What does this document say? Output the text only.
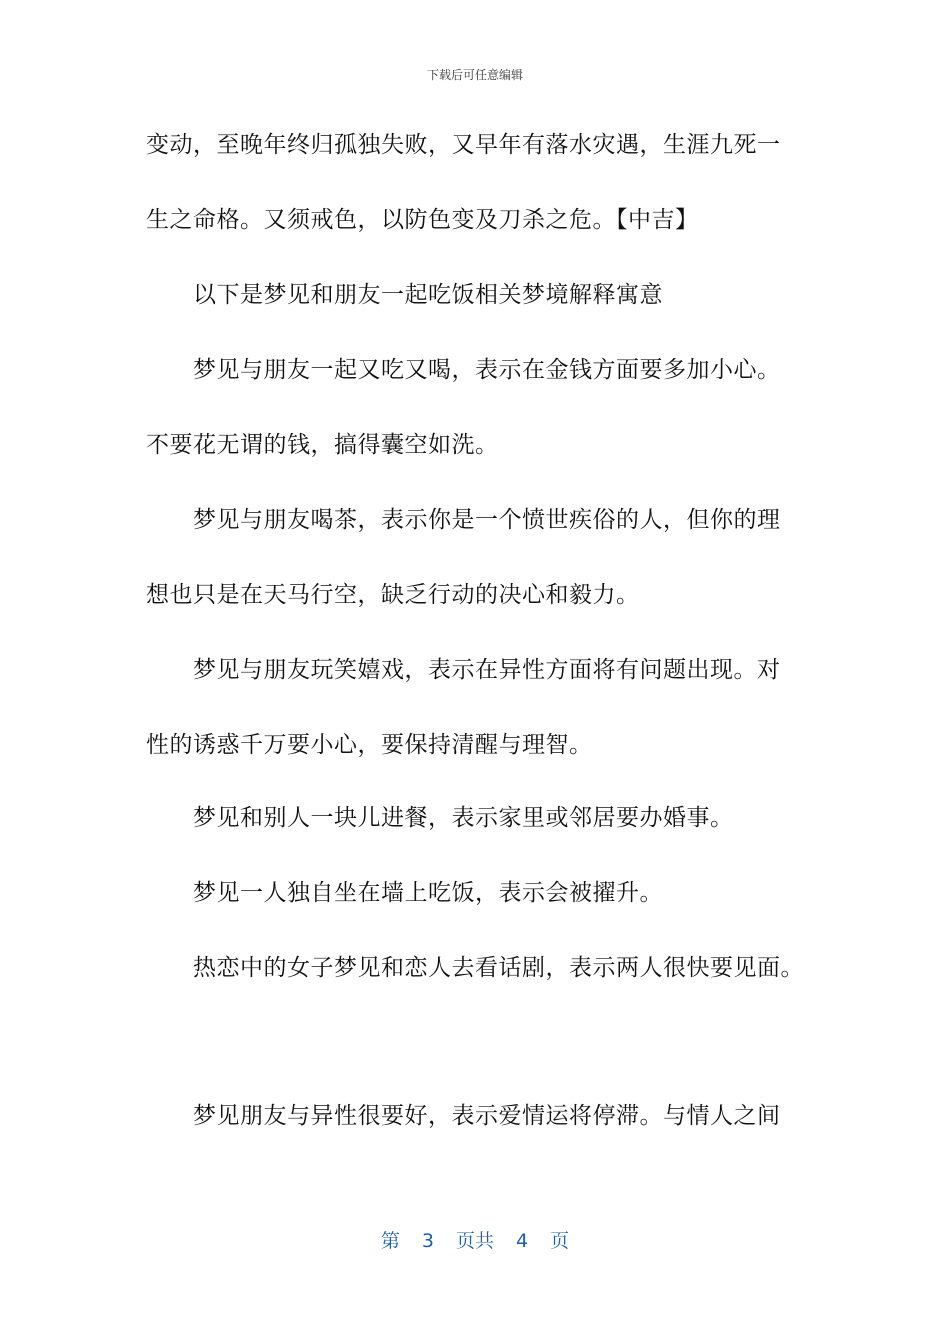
下载后可任意编辑
变动，至晚年终归孤独失败，又早年有落水灾遇，生涯九死一
生之命格。又须戒色，以防色变及刀杀之危。【中吉】
以下是梦见和朋友一起吃饭相关梦境解释寓意
梦见与朋友一起又吃又喝，表示在金钱方面要多加小心。
不要花无谓的钱，搞得囊空如洗。
梦见与朋友喝茶，表示你是一个愤世疾俗的人，但你的理
想也只是在天马行空，缺乏行动的决心和毅力。
梦见与朋友玩笑嬉戏，表示在异性方面将有问题出现。对
性的诱惑千万要小心，要保持清醒与理智。
梦见和别人一块儿进餐，表示家里或邻居要办婚事。
梦见一人独自坐在墙上吃饭，表示会被擢升。
热恋中的女子梦见和恋人去看话剧，表示两人很快要见面。
梦见朋友与异性很要好，表示爱情运将停滞。与情人之间
第 3 页共 4 页
